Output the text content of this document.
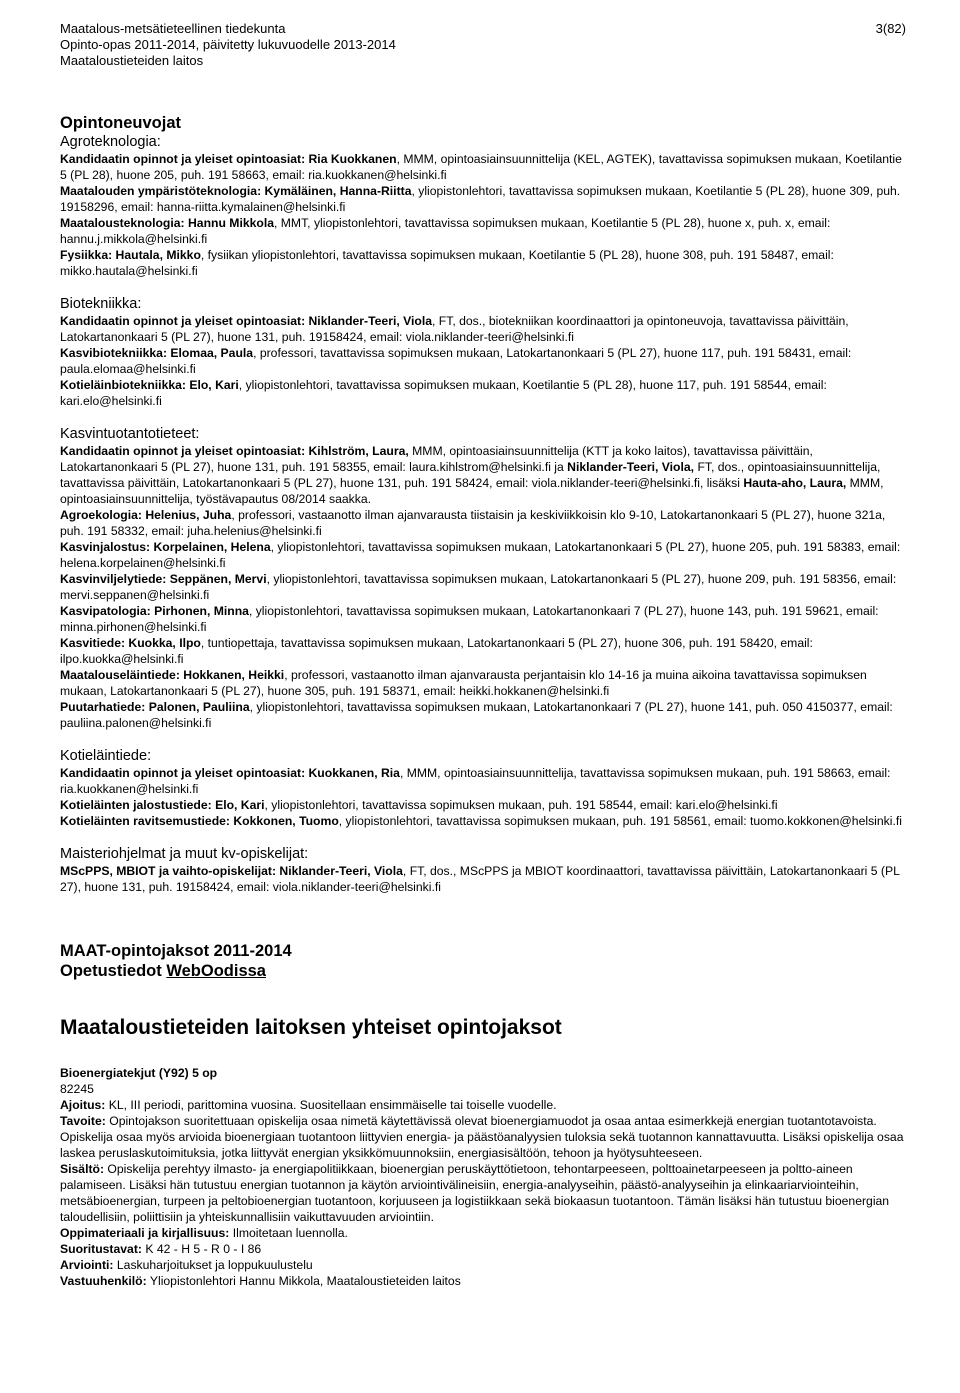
Maatalous-metsätieteellinen tiedekunta
Opinto-opas 2011-2014, päivitetty lukuvuodelle 2013-2014
Maataloustieteiden laitos
3(82)
Opintoneuvojat
Agroteknologia:

Kandidaatin opinnot ja yleiset opintoasiat: Ria Kuokkanen, MMM, opintoasiainsuunnittelija (KEL, AGTEK), tavattavissa sopimuksen mukaan, Koetilantie 5 (PL 28), huone 205, puh. 191 58663, email: ria.kuokkanen@helsinki.fi

Maatalouden ympäristöteknologia: Kymäläinen, Hanna-Riitta, yliopistonlehtori, tavattavissa sopimuksen mukaan, Koetilantie 5 (PL 28), huone 309, puh. 19158296, email: hanna-riitta.kymalainen@helsinki.fi

Maatalousteknologia: Hannu Mikkola, MMT, yliopistonlehtori, tavattavissa sopimuksen mukaan, Koetilantie 5 (PL 28), huone x, puh. x, email: hannu.j.mikkola@helsinki.fi

Fysiikka: Hautala, Mikko, fysiikan yliopistonlehtori, tavattavissa sopimuksen mukaan, Koetilantie 5 (PL 28), huone 308, puh. 191 58487, email: mikko.hautala@helsinki.fi

Biotekniikka:

Kandidaatin opinnot ja yleiset opintoasiat: Niklander-Teeri, Viola, FT, dos., biotekniikan koordinaattori ja opintoneuvoja, tavattavissa päivittäin, Latokartanonkaari 5 (PL 27), huone 131, puh. 19158424, email: viola.niklander-teeri@helsinki.fi

Kasvibiotekniikka: Elomaa, Paula, professori, tavattavissa sopimuksen mukaan, Latokartanonkaari 5 (PL 27), huone 117, puh. 191 58431, email: paula.elomaa@helsinki.fi

Kotieläinbiotekniikka: Elo, Kari, yliopistonlehtori, tavattavissa sopimuksen mukaan, Koetilantie 5 (PL 28), huone 117, puh. 191 58544, email: kari.elo@helsinki.fi

Kasvintuotantotieteet:

Kandidaatin opinnot ja yleiset opintoasiat: Kihlström, Laura, MMM, opintoasiainsuunnittelija (KTT ja koko laitos), tavattavissa päivittäin, Latokartanonkaari 5 (PL 27), huone 131, puh. 191 58355, email: laura.kihlstrom@helsinki.fi ja Niklander-Teeri, Viola, FT, dos., opintoasiainsuunnittelija, tavattavissa päivittäin, Latokartanonkaari 5 (PL 27), huone 131, puh. 191 58424, email: viola.niklander-teeri@helsinki.fi, lisäksi Hauta-aho, Laura, MMM, opintoasiainsuunnittelija, työstävapautus 08/2014 saakka.

Agroekologia: Helenius, Juha, professori, vastaanotto ilman ajanvarausta tiistaisin ja keskiviikkoisin klo 9-10, Latokartanonkaari 5 (PL 27), huone 321a, puh. 191 58332, email: juha.helenius@helsinki.fi

Kasvinjalostus: Korpelainen, Helena, yliopistonlehtori, tavattavissa sopimuksen mukaan, Latokartanonkaari 5 (PL 27), huone 205, puh. 191 58383, email: helena.korpelainen@helsinki.fi

Kasvinviljelytiede: Seppänen, Mervi, yliopistonlehtori, tavattavissa sopimuksen mukaan, Latokartanonkaari 5 (PL 27), huone 209, puh. 191 58356, email: mervi.seppanen@helsinki.fi

Kasvipatologia: Pirhonen, Minna, yliopistonlehtori, tavattavissa sopimuksen mukaan, Latokartanonkaari 7 (PL 27), huone 143, puh. 191 59621, email: minna.pirhonen@helsinki.fi

Kasvitiede: Kuokka, Ilpo, tuntiopettaja, tavattavissa sopimuksen mukaan, Latokartanonkaari 5 (PL 27), huone 306, puh. 191 58420, email: ilpo.kuokka@helsinki.fi

Maatalouseläintiede: Hokkanen, Heikki, professori, vastaanotto ilman ajanvarausta perjantaisin klo 14-16 ja muina aikoina tavattavissa sopimuksen mukaan, Latokartanonkaari 5 (PL 27), huone 305, puh. 191 58371, email: heikki.hokkanen@helsinki.fi

Puutarhatiede: Palonen, Pauliina, yliopistonlehtori, tavattavissa sopimuksen mukaan, Latokartanonkaari 7 (PL 27), huone 141, puh. 050 4150377, email: pauliina.palonen@helsinki.fi

Kotieläintiede:

Kandidaatin opinnot ja yleiset opintoasiat: Kuokkanen, Ria, MMM, opintoasiainsuunnittelija, tavattavissa sopimuksen mukaan, puh. 191 58663, email: ria.kuokkanen@helsinki.fi

Kotieläinten jalostustiede: Elo, Kari, yliopistonlehtori, tavattavissa sopimuksen mukaan, puh. 191 58544, email: kari.elo@helsinki.fi

Kotieläinten ravitsemustiede: Kokkonen, Tuomo, yliopistonlehtori, tavattavissa sopimuksen mukaan, puh. 191 58561, email: tuomo.kokkonen@helsinki.fi

Maisteriohjelmat ja muut kv-opiskelijat:

MScPPS, MBIOT ja vaihto-opiskelijat: Niklander-Teeri, Viola, FT, dos., MScPPS ja MBIOT koordinaattori, tavattavissa päivittäin, Latokartanonkaari 5 (PL 27), huone 131, puh. 19158424, email: viola.niklander-teeri@helsinki.fi

MAAT-opintojaksot 2011-2014
Opetustiedot WebOodissa
Maataloustieteiden laitoksen yhteiset opintojaksot

Bioenergiatekjut (Y92) 5 op

82245

Ajoitus: KL, III periodi, parittomina vuosina. Suositellaan ensimmäiselle tai toiselle vuodelle.

Tavoite: Opintojakson suoritettuaan opiskelija osaa nimetä käytettävissä olevat bioenergiamuodot ja osaa antaa esimerkkejä energian tuotantotavoista. Opiskelija osaa myös arvioida bioenergiaan tuotantoon liittyvien energia- ja päästöanalyysien tuloksia sekä tuotannon kannattavuutta. Lisäksi opiskelija osaa laskea peruslaskutoimituksia, jotka liittyvät energian yksikkömuunnoksiin, energiasisältöön, tehoon ja hyötysuhteeseen.

Sisältö: Opiskelija perehtyy ilmasto- ja energiapolitiikkaan, bioenergian peruskäyttötietoon, tehontarpeeseen, polttoainetarpeeseen ja poltto-aineen palamiseen. Lisäksi hän tutustuu energian tuotannon ja käytön arviointivälineisiin, energia-analyyseihin, päästö-analyyseihin ja elinkaariarviointeihin, metsäbioenergian, turpeen ja peltobioenergian tuotantoon, korjuuseen ja logistiikkaan sekä biokaasun tuotantoon. Tämän lisäksi hän tutustuu bioenergian taloudellisiin, poliittisiin ja yhteiskunnallisiin vaikuttavuuden arviointiin.

Oppimateriaali ja kirjallisuus: Ilmoitetaan luennolla.

Suoritustavat: K 42 - H 5 - R 0 - I 86

Arviointi: Laskuharjoitukset ja loppukuulustelu

Vastuuhenkilö: Yliopistonlehtori Hannu Mikkola, Maataloustieteiden laitos
